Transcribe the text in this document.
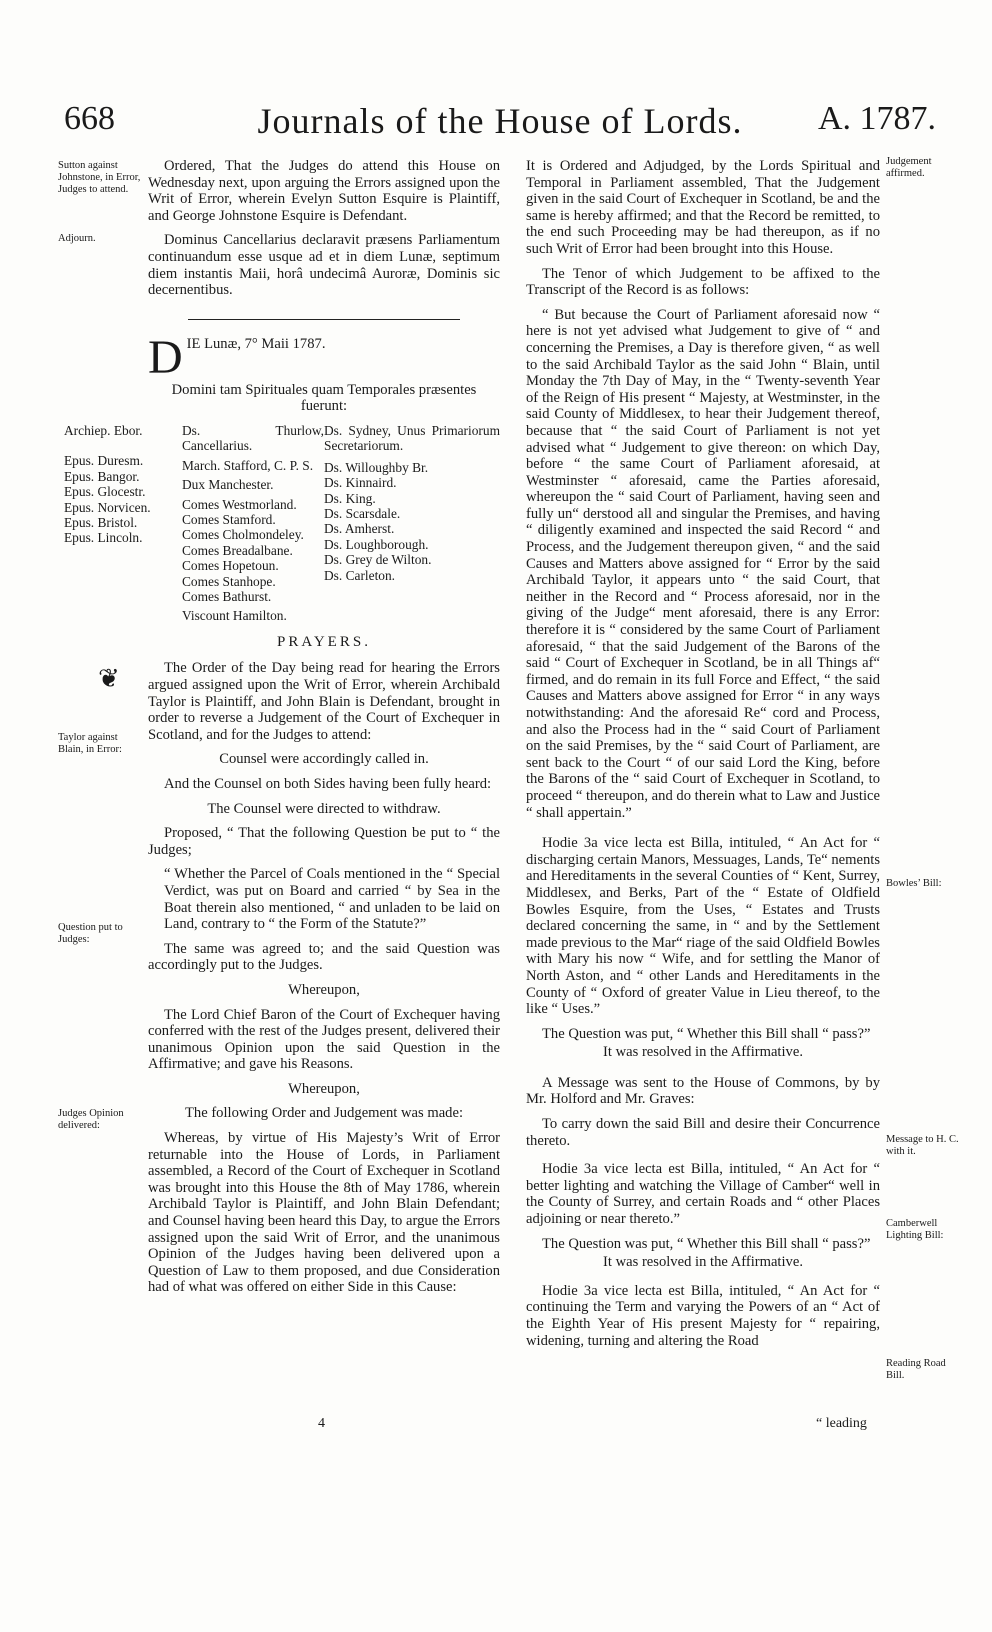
668	Journals of the House of Lords.	A. 1787.
Sutton against Johnstone, in Error, Judges to attend.
Adjourn.
Taylor against Blain, in Error:
Question put to Judges:
Judges Opinion delivered:
Judgement affirmed.
Bowles’ Bill:
Message to H. C. with it.
Camberwell Lighting Bill:
Reading Road Bill.
❦

Ordered, That the Judges do attend this House on Wednesday next, upon arguing the Errors assigned upon the Writ of Error, wherein Evelyn Sutton Esquire is Plaintiff, and George Johnstone Esquire is Defendant.

Dominus Cancellarius declaravit præsens Parliamentum continuandum esse usque ad et in diem Lunæ, septimum diem instantis Maii, horâ undecimâ Auroræ, Dominis sic decernentibus.

D IE Lunæ, 7° Maii 1787.

Domini tam Spirituales quam Temporales præsentes fuerunt:

Archiep. Ebor.
Epus. Duresm.
Epus. Bangor.
Epus. Glocestr.
Epus. Norvicen.
Epus. Bristol.
Epus. Lincoln.
Ds. Thurlow, Cancellarius.
March. Stafford, C. P. S.
Dux Manchester.
Comes Westmorland.
Comes Stamford.
Comes Cholmondeley.
Comes Breadalbane.
Comes Hopetoun.
Comes Stanhope.
Comes Bathurst.
Viscount Hamilton.
Ds. Sydney, Unus Primariorum Secretariorum.
Ds. Willoughby Br.
Ds. Kinnaird.
Ds. King.
Ds. Scarsdale.
Ds. Amherst.
Ds. Loughborough.
Ds. Grey de Wilton.
Ds. Carleton.
PRAYERS.

The Order of the Day being read for hearing the Errors argued assigned upon the Writ of Error, wherein Archibald Taylor is Plaintiff, and John Blain is Defendant, brought in order to reverse a Judgement of the Court of Exchequer in Scotland, and for the Judges to attend:

Counsel were accordingly called in.

And the Counsel on both Sides having been fully heard:

The Counsel were directed to withdraw.

Proposed, “ That the following Question be put to “ the Judges;

“ Whether the Parcel of Coals mentioned in the “ Special Verdict, was put on Board and carried “ by Sea in the Boat therein also mentioned, “ and unladen to be laid on Land, contrary to “ the Form of the Statute?”

The same was agreed to; and the said Question was accordingly put to the Judges.

Whereupon,

The Lord Chief Baron of the Court of Exchequer having conferred with the rest of the Judges present, delivered their unanimous Opinion upon the said Question in the Affirmative; and gave his Reasons.

Whereupon,

The following Order and Judgement was made:

Whereas, by virtue of His Majesty’s Writ of Error returnable into the House of Lords, in Parliament assembled, a Record of the Court of Exchequer in Scotland was brought into this House the 8th of May 1786, wherein Archibald Taylor is Plaintiff, and John Blain Defendant; and Counsel having been heard this Day, to argue the Errors assigned upon the said Writ of Error, and the unanimous Opinion of the Judges having been delivered upon a Question of Law to them proposed, and due Consideration had of what was offered on either Side in this Cause:

It is Ordered and Adjudged, by the Lords Spiritual and Temporal in Parliament assembled, That the Judgement given in the said Court of Exchequer in Scotland, be and the same is hereby affirmed; and that the Record be remitted, to the end such Proceeding may be had thereupon, as if no such Writ of Error had been brought into this House.

The Tenor of which Judgement to be affixed to the Transcript of the Record is as follows:

“ But because the Court of Parliament aforesaid now “ here is not yet advised what Judgement to give of “ and concerning the Premises, a Day is therefore given, “ as well to the said Archibald Taylor as the said John “ Blain, until Monday the 7th Day of May, in the “ Twenty-seventh Year of the Reign of His present “ Majesty, at Westminster, in the said County of Middlesex, to hear their Judgement thereof, because that “ the said Court of Parliament is not yet advised what “ Judgement to give thereon: on which Day, before “ the same Court of Parliament aforesaid, at Westminster “ aforesaid, came the Parties aforesaid, whereupon the “ said Court of Parliament, having seen and fully un“ derstood all and singular the Premises, and having “ diligently examined and inspected the said Record “ and Process, and the Judgement thereupon given, “ and the said Causes and Matters above assigned for “ Error by the said Archibald Taylor, it appears unto “ the said Court, that neither in the Record and “ Process aforesaid, nor in the giving of the Judge“ ment aforesaid, there is any Error: therefore it is “ considered by the same Court of Parliament aforesaid, “ that the said Judgement of the Barons of the said “ Court of Exchequer in Scotland, be in all Things af“ firmed, and do remain in its full Force and Effect, “ the said Causes and Matters above assigned for Error “ in any ways notwithstanding: And the aforesaid Re“ cord and Process, and also the Process had in the “ said Court of Parliament on the said Premises, by the “ said Court of Parliament, are sent back to the Court “ of our said Lord the King, before the Barons of the “ said Court of Exchequer in Scotland, to proceed “ thereupon, and do therein what to Law and Justice “ shall appertain.”

Hodie 3a vice lecta est Billa, intituled, “ An Act for “ discharging certain Manors, Messuages, Lands, Te“ nements and Hereditaments in the several Counties of “ Kent, Surrey, Middlesex, and Berks, Part of the “ Estate of Oldfield Bowles Esquire, from the Uses, “ Estates and Trusts declared concerning the same, in “ and by the Settlement made previous to the Mar“ riage of the said Oldfield Bowles with Mary his now “ Wife, and for settling the Manor of North Aston, and “ other Lands and Hereditaments in the County of “ Oxford of greater Value in Lieu thereof, to the like “ Uses.”

The Question was put, “ Whether this Bill shall “ pass?”

It was resolved in the Affirmative.

A Message was sent to the House of Commons, by by Mr. Holford and Mr. Graves:

To carry down the said Bill and desire their Concurrence thereto.

Hodie 3a vice lecta est Billa, intituled, “ An Act for “ better lighting and watching the Village of Camber“ well in the County of Surrey, and certain Roads and “ other Places adjoining or near thereto.”

The Question was put, “ Whether this Bill shall “ pass?”

It was resolved in the Affirmative.

Hodie 3a vice lecta est Billa, intituled, “ An Act for “ continuing the Term and varying the Powers of an “ Act of the Eighth Year of His present Majesty for “ repairing, widening, turning and altering the Road

4	“ leading
